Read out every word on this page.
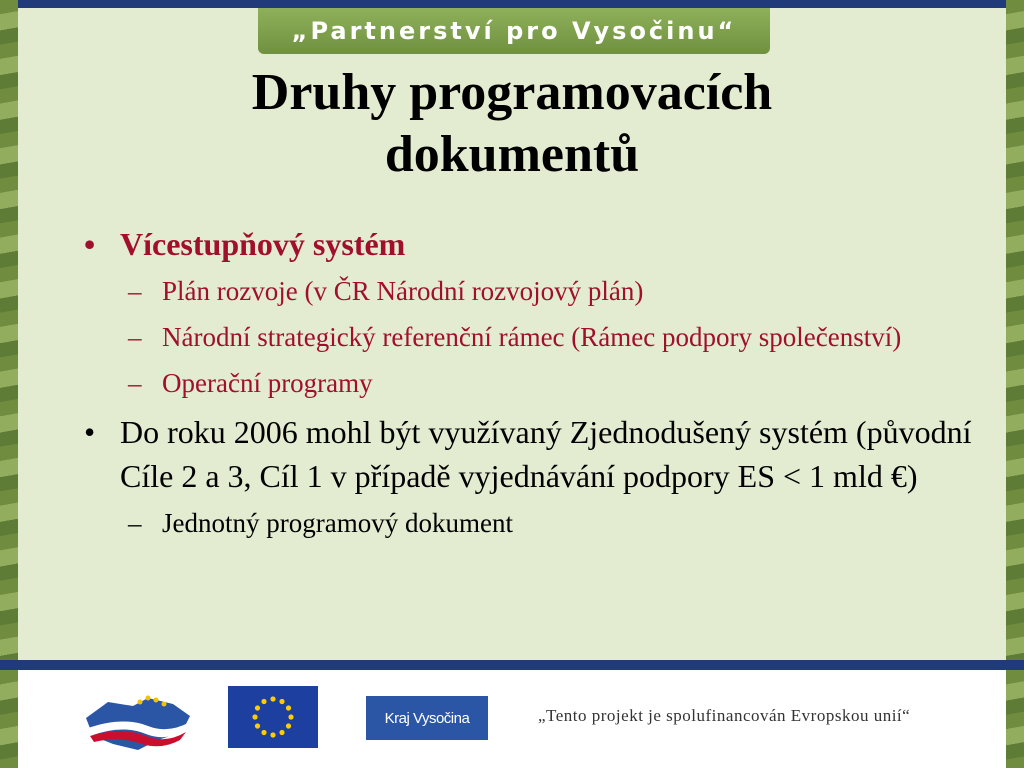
„Partnerství pro Vysočinu“
Druhy programovacích
dokumentů
• Vícestupňový systém
– Plán rozvoje (v ČR Národní rozvojový plán)
– Národní strategický referenční rámec (Rámec podpory společenství)
– Operační programy
• Do roku 2006 mohl být využívaný Zjednodušený systém (původní Cíle 2 a 3, Cíl 1 v případě vyjednávání podpory ES < 1 mld €)
– Jednotný programový dokument
Kraj Vysočina	„Tento projekt je spolufinancován Evropskou unií“
